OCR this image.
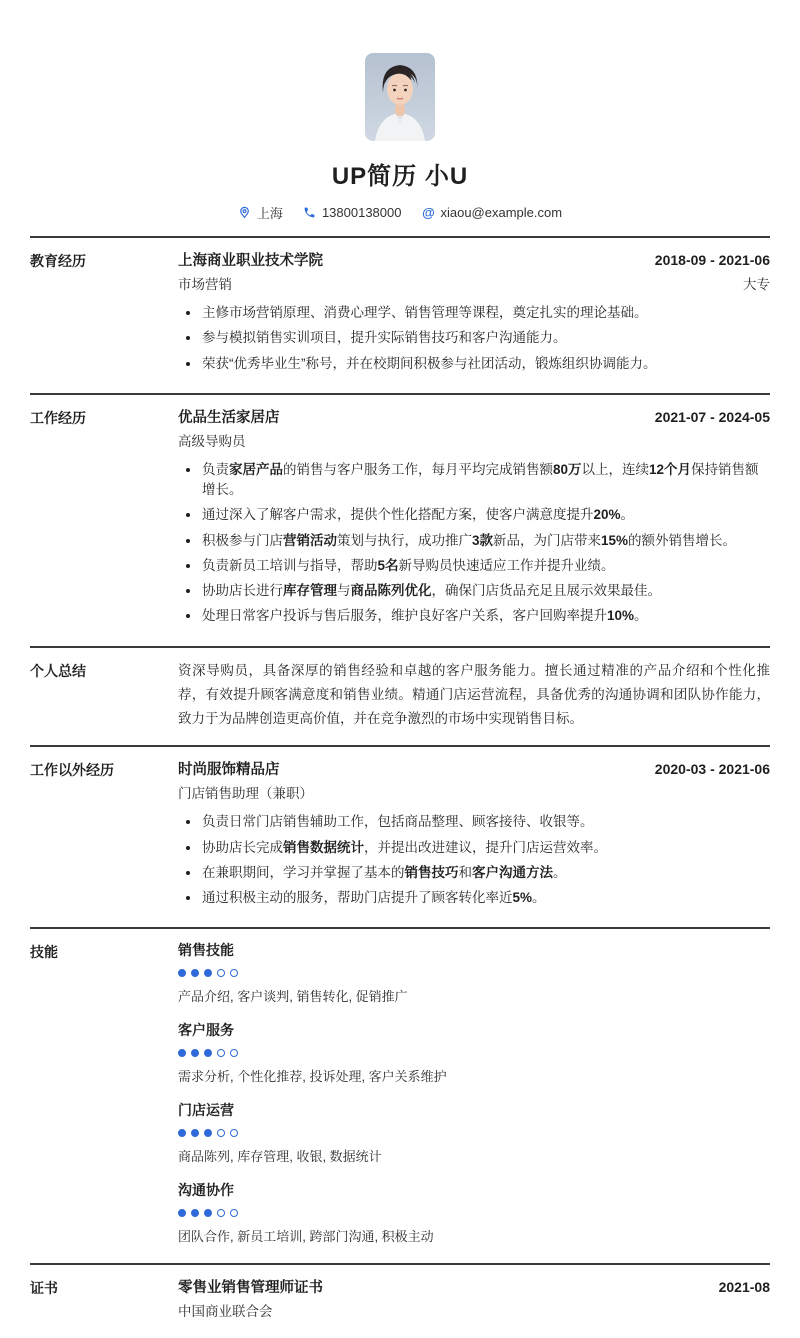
UP简历 小U
上海	13800138000 @ xiaou@example.com
教育经历	上海商业职业技术学院	2018-09 - 2021-06
市场营销	大专
主修市场营销原理、消费心理学、销售管理等课程，奠定扎实的理论基础。
参与模拟销售实训项目，提升实际销售技巧和客户沟通能力。
荣获“优秀毕业生”称号，并在校期间积极参与社团活动，锻炼组织协调能力。
工作经历	优品生活家居店	2021-07 - 2024-05
高级导购员
负责家居产品的销售与客户服务工作，每月平均完成销售额80万以上，连续12个月保持销售额增长。
通过深入了解客户需求，提供个性化搭配方案，使客户满意度提升20%。
积极参与门店营销活动策划与执行，成功推广3款新品，为门店带来15%的额外销售增长。
负责新员工培训与指导，帮助5名新导购员快速适应工作并提升业绩。
协助店长进行库存管理与商品陈列优化，确保门店货品充足且展示效果最佳。
处理日常客户投诉与售后服务，维护良好客户关系，客户回购率提升10%。
个人总结	资深导购员，具备深厚的销售经验和卓越的客户服务能力。擅长通过精准的产品介绍和个性化推荐，有效提升顾客满意度和销售业绩。精通门店运营流程，具备优秀的沟通协调和团队协作能力，致力于为品牌创造更高价值，并在竞争激烈的市场中实现销售目标。
工作以外经历	时尚服饰精品店	2020-03 - 2021-06
门店销售助理（兼职）
负责日常门店销售辅助工作，包括商品整理、顾客接待、收银等。
协助店长完成销售数据统计，并提出改进建议，提升门店运营效率。
在兼职期间，学习并掌握了基本的销售技巧和客户沟通方法。
通过积极主动的服务，帮助门店提升了顾客转化率近5%。
技能	销售技能
产品介绍, 客户谈判, 销售转化, 促销推广
客户服务
需求分析, 个性化推荐, 投诉处理, 客户关系维护
门店运营
商品陈列, 库存管理, 收银, 数据统计
沟通协作
团队合作, 新员工培训, 跨部门沟通, 积极主动
证书	零售业销售管理师证书	2021-08
中国商业联合会
